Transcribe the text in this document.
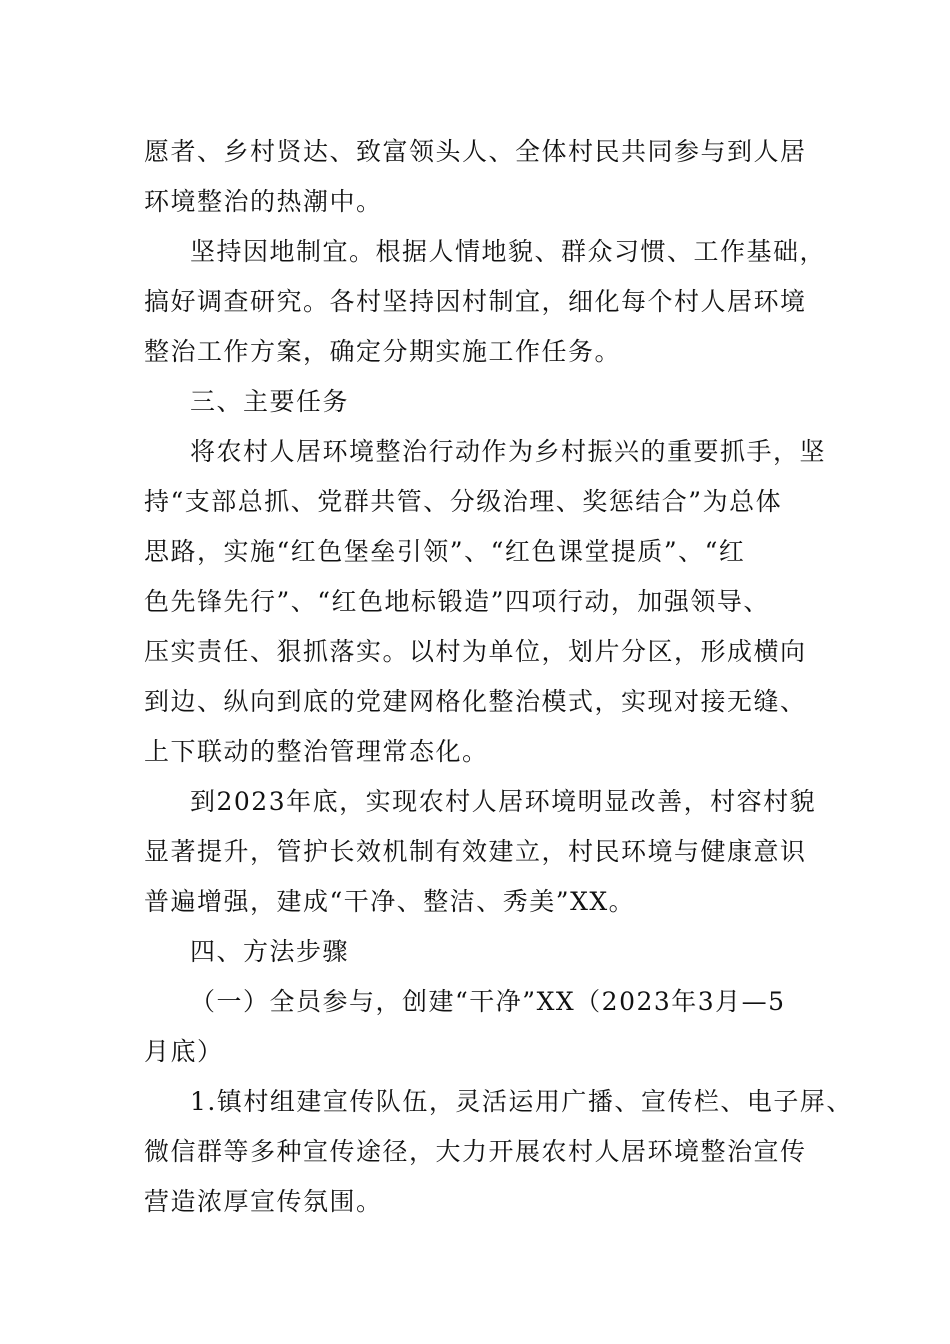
愿者、乡村贤达、致富领头人、全体村民共同参与到人居
环境整治的热潮中。
坚持因地制宜。根据人情地貌、群众习惯、工作基础，
搞好调查研究。各村坚持因村制宜，细化每个村人居环境
整治工作方案，确定分期实施工作任务。
三、主要任务
将农村人居环境整治行动作为乡村振兴的重要抓手，坚
持“支部总抓、党群共管、分级治理、奖惩结合”为总体
思路，实施“红色堡垒引领”、“红色课堂提质”、“红
色先锋先行”、“红色地标锻造”四项行动，加强领导、
压实责任、狠抓落实。以村为单位，划片分区，形成横向
到边、纵向到底的党建网格化整治模式，实现对接无缝、
上下联动的整治管理常态化。
到2023年底，实现农村人居环境明显改善，村容村貌
显著提升，管护长效机制有效建立，村民环境与健康意识
普遍增强，建成“干净、整洁、秀美”XX。
四、方法步骤
（一）全员参与，创建“干净”XX（2023年3月—5
月底）
1.镇村组建宣传队伍，灵活运用广播、宣传栏、电子屏、
微信群等多种宣传途径，大力开展农村人居环境整治宣传
营造浓厚宣传氛围。
